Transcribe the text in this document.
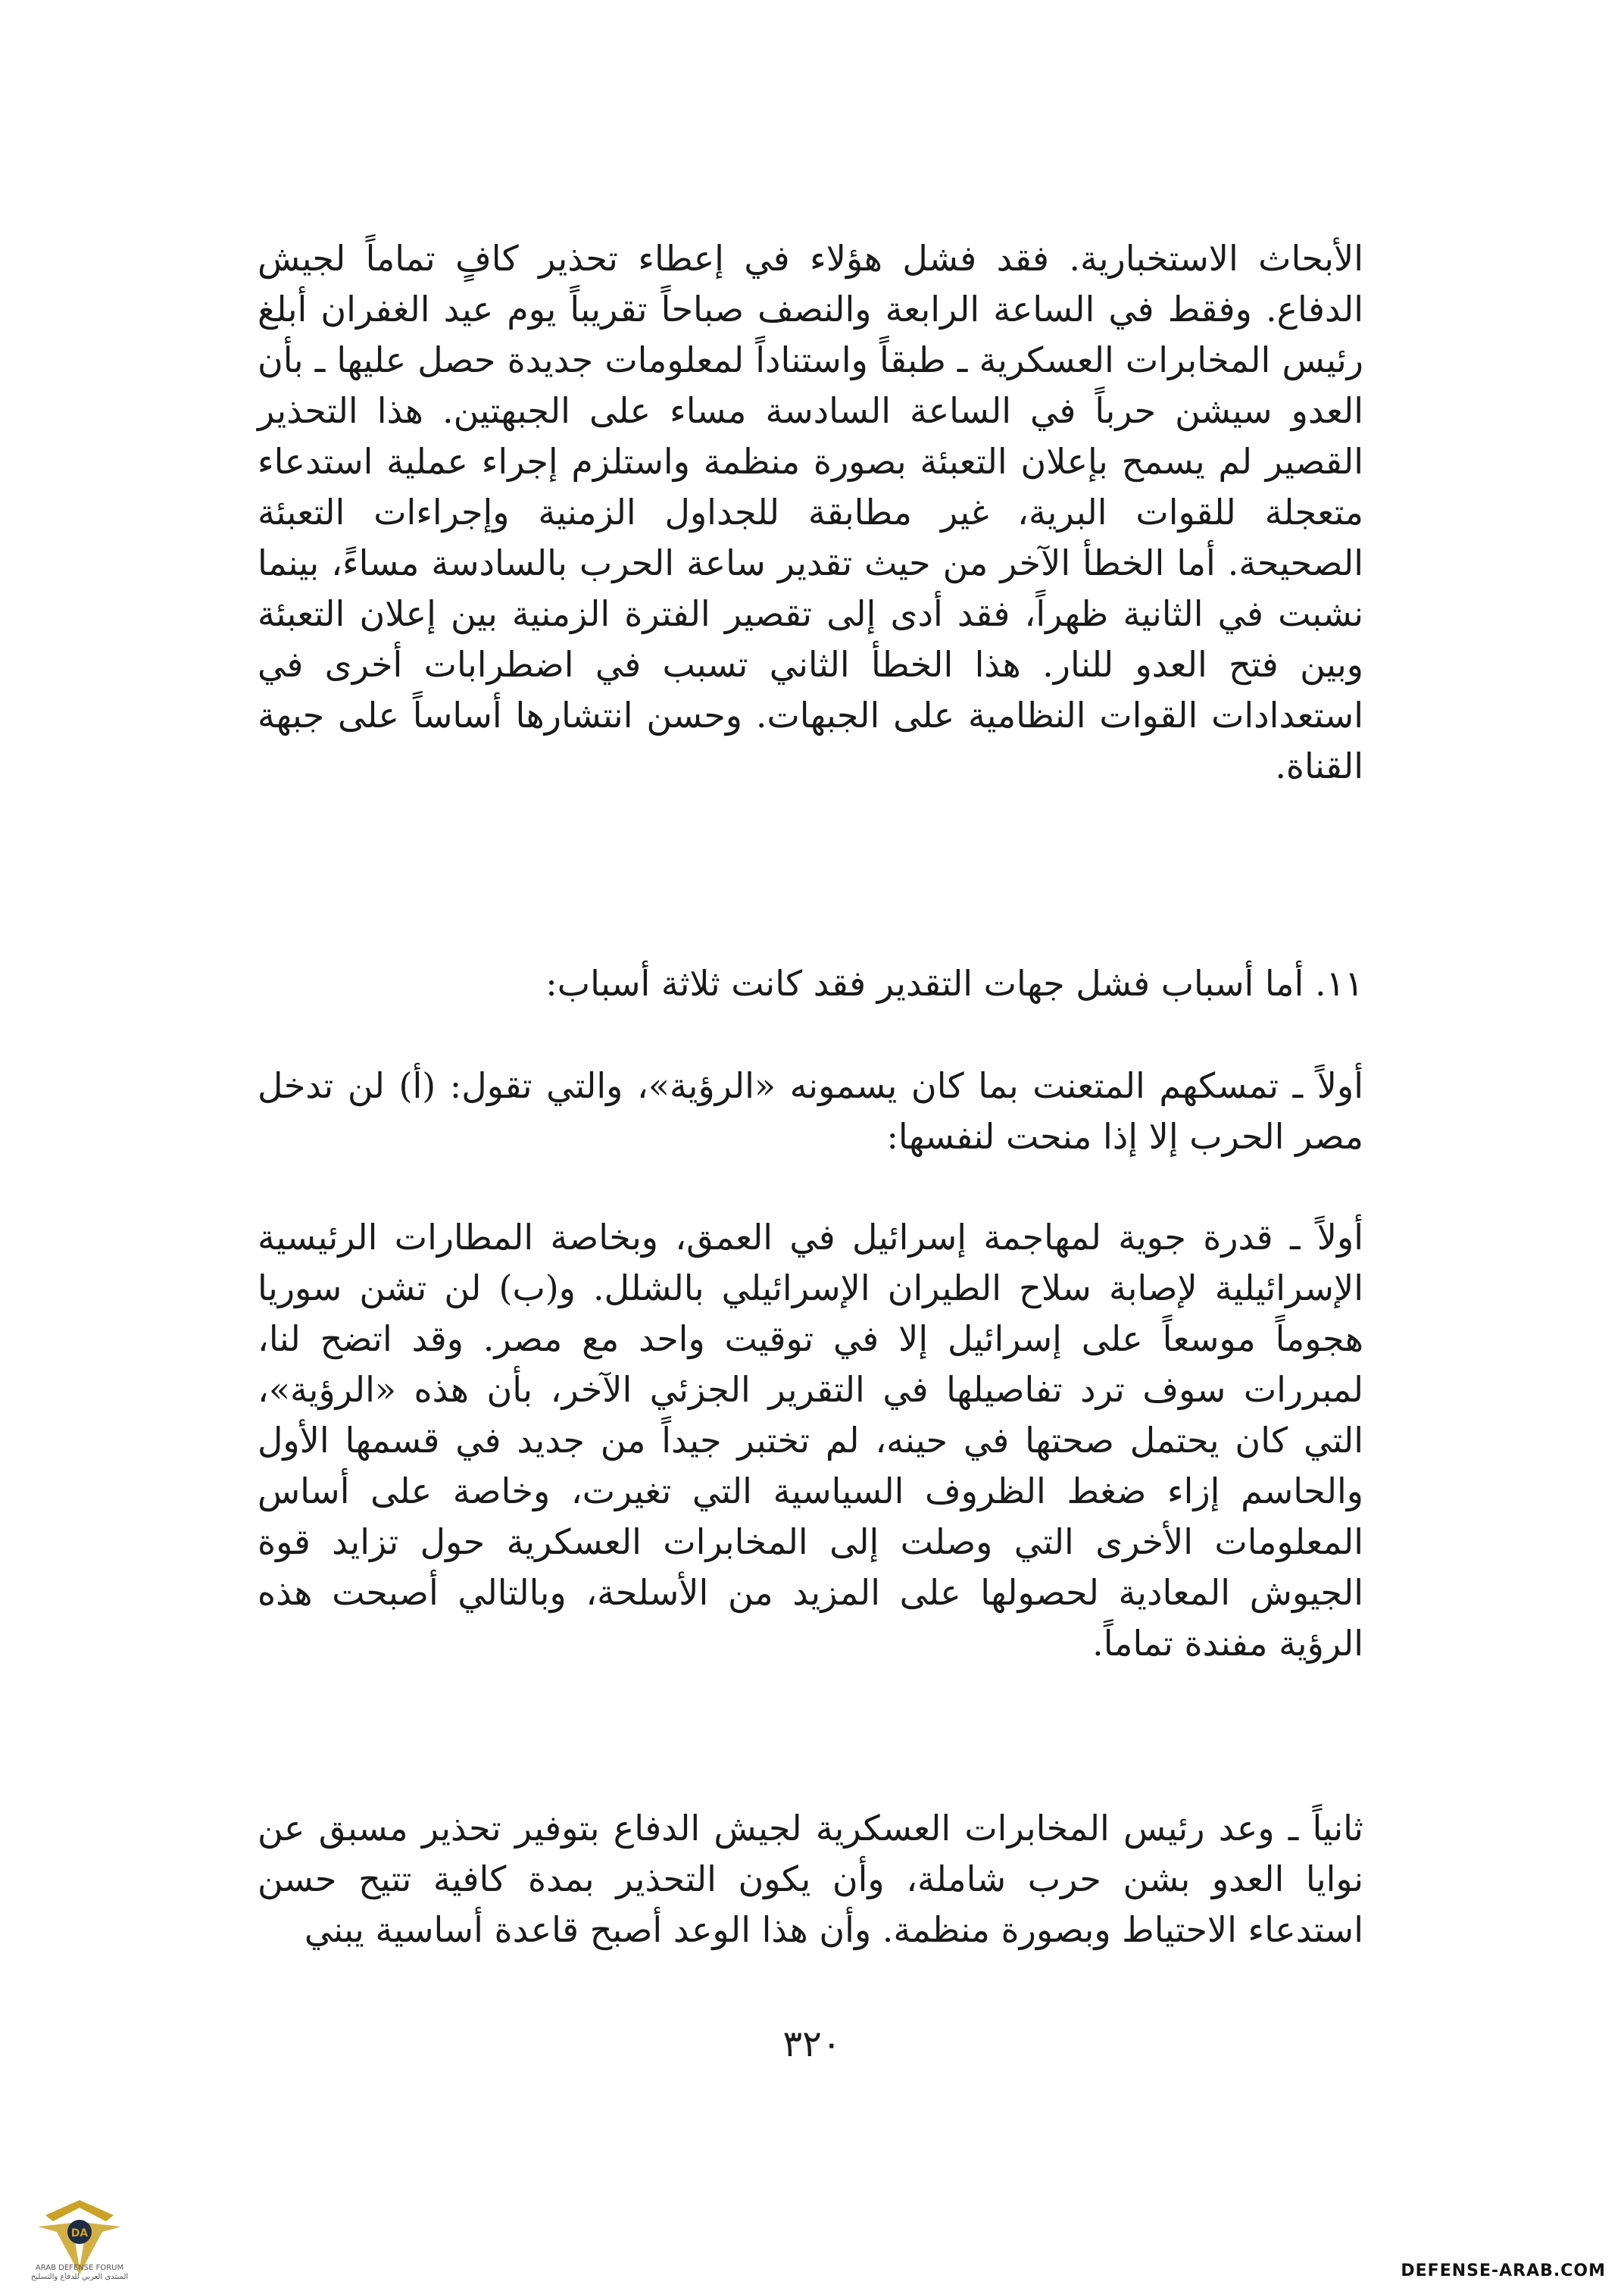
الأبحاث الاستخبارية. فقد فشل هؤلاء في إعطاء تحذير كافٍ تماماً لجيش الدفاع. وفقط في الساعة الرابعة والنصف صباحاً تقريباً يوم عيد الغفران أبلغ رئيس المخابرات العسكرية ـ طبقاً واستناداً لمعلومات جديدة حصل عليها ـ بأن العدو سيشن حرباً في الساعة السادسة مساء على الجبهتين. هذا التحذير القصير لم يسمح بإعلان التعبئة بصورة منظمة واستلزم إجراء عملية استدعاء متعجلة للقوات البرية، غير مطابقة للجداول الزمنية وإجراءات التعبئة الصحيحة. أما الخطأ الآخر من حيث تقدير ساعة الحرب بالسادسة مساءً، بينما نشبت في الثانية ظهراً، فقد أدى إلى تقصير الفترة الزمنية بين إعلان التعبئة وبين فتح العدو للنار. هذا الخطأ الثاني تسبب في اضطرابات أخرى في استعدادات القوات النظامية على الجبهات. وحسن انتشارها أساساً على جبهة القناة.

١١. أما أسباب فشل جهات التقدير فقد كانت ثلاثة أسباب:

أولاً ـ تمسكهم المتعنت بما كان يسمونه «الرؤية»، والتي تقول: (أ) لن تدخل مصر الحرب إلا إذا منحت لنفسها:

أولاً ـ قدرة جوية لمهاجمة إسرائيل في العمق، وبخاصة المطارات الرئيسية الإسرائيلية لإصابة سلاح الطيران الإسرائيلي بالشلل. و(ب) لن تشن سوريا هجوماً موسعاً على إسرائيل إلا في توقيت واحد مع مصر. وقد اتضح لنا، لمبررات سوف ترد تفاصيلها في التقرير الجزئي الآخر، بأن هذه «الرؤية»، التي كان يحتمل صحتها في حينه، لم تختبر جيداً من جديد في قسمها الأول والحاسم إزاء ضغط الظروف السياسية التي تغيرت، وخاصة على أساس المعلومات الأخرى التي وصلت إلى المخابرات العسكرية حول تزايد قوة الجيوش المعادية لحصولها على المزيد من الأسلحة، وبالتالي أصبحت هذه الرؤية مفندة تماماً.

ثانياً ـ وعد رئيس المخابرات العسكرية لجيش الدفاع بتوفير تحذير مسبق عن نوايا العدو بشن حرب شاملة، وأن يكون التحذير بمدة كافية تتيح حسن استدعاء الاحتياط وبصورة منظمة. وأن هذا الوعد أصبح قاعدة أساسية يبني

٣٢٠
DA
ARAB DEFENSE FORUM
المنتدى العربي للدفاع والتسليح	DEFENSE-ARAB.COM
